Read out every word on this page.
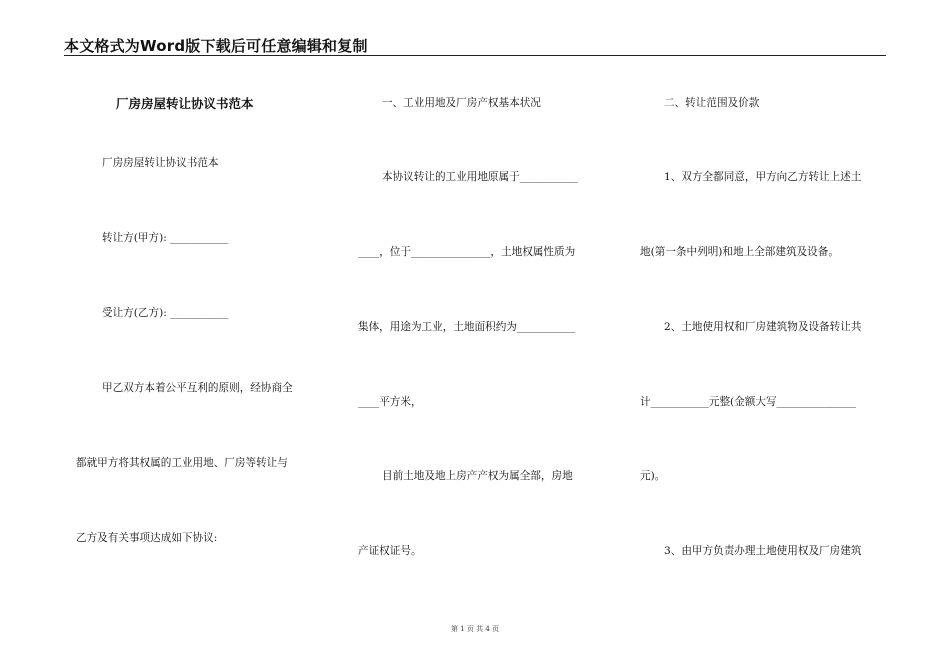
本文格式为Word版下载后可任意编辑和复制
厂房房屋转让协议书范本
厂房房屋转让协议书范本
转让方(甲方): ___________
受让方(乙方): ___________
甲乙双方本着公平互利的原则，经协商全
都就甲方将其权属的工业用地、厂房等转让与
乙方及有关事项达成如下协议:
一、工业用地及厂房产权基本状况
本协议转让的工业用地原属于___________
____，位于_______________，土地权属性质为
集体，用途为工业，土地面积约为___________
____平方米，
目前土地及地上房产产权为属全部，房地
产证权证号。
二、转让范围及价款
1、双方全都同意，甲方向乙方转让上述土
地(第一条中列明)和地上全部建筑及设备。
2、土地使用权和厂房建筑物及设备转让共
计___________元整(金额大写_______________
元)。
3、由甲方负责办理土地使用权及厂房建筑
第 1 页 共 4 页
